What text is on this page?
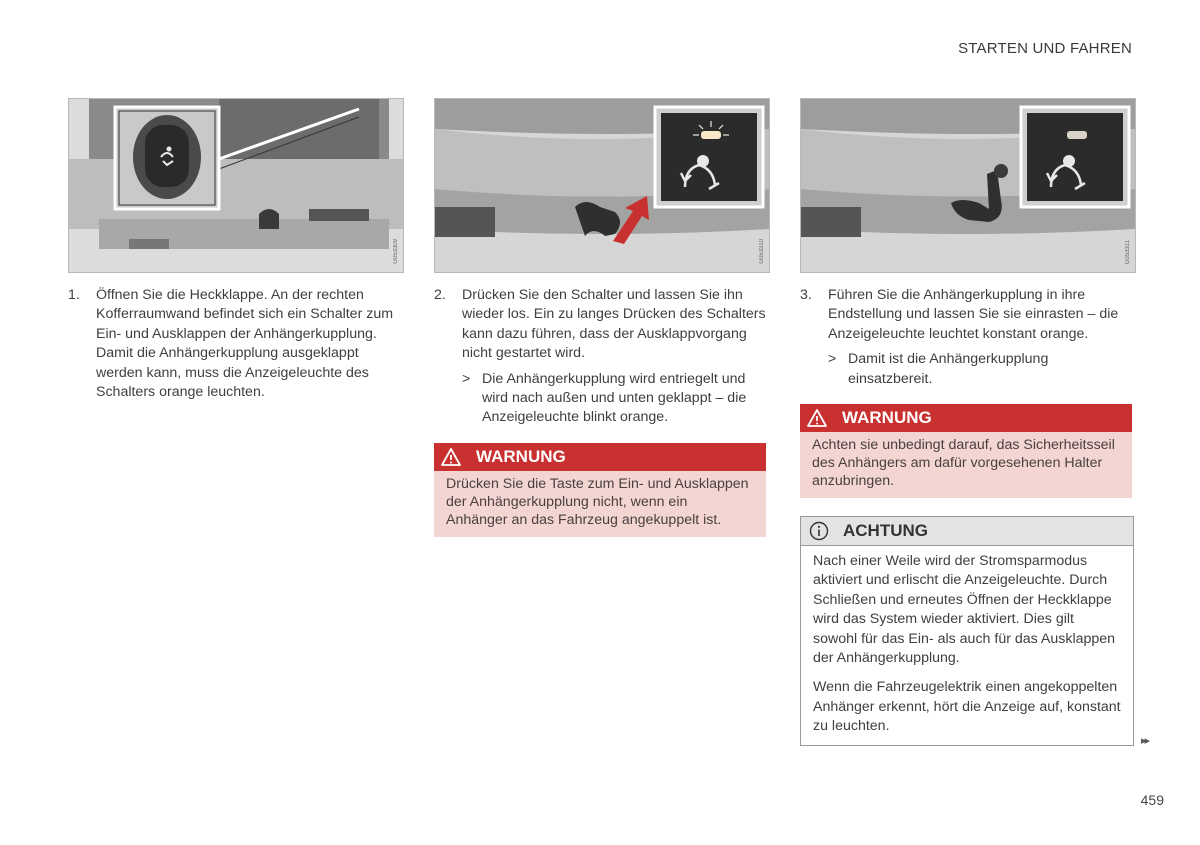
STARTEN UND FAHREN
G053309	G053310	G053311
1.	Öffnen Sie die Heckklappe. An der rechten Kofferraumwand befindet sich ein Schalter zum Ein- und Ausklappen der Anhängerkupplung. Damit die Anhängerkupplung ausgeklappt werden kann, muss die Anzeigeleuchte des Schalters orange leuchten.
2.	Drücken Sie den Schalter und lassen Sie ihn wieder los. Ein zu langes Drücken des Schalters kann dazu führen, dass der Ausklappvorgang nicht gestartet wird.
> Die Anhängerkupplung wird entriegelt und wird nach außen und unten geklappt – die Anzeigeleuchte blinkt orange.
WARNUNG
Drücken Sie die Taste zum Ein- und Ausklappen der Anhängerkupplung nicht, wenn ein Anhänger an das Fahrzeug angekuppelt ist.
3.	Führen Sie die Anhängerkupplung in ihre Endstellung und lassen Sie sie einrasten – die Anzeigeleuchte leuchtet konstant orange.
> Damit ist die Anhängerkupplung einsatzbereit.
WARNUNG
Achten sie unbedingt darauf, das Sicherheitsseil des Anhängers am dafür vorgesehenen Halter anzubringen.
ACHTUNG

Nach einer Weile wird der Stromsparmodus aktiviert und erlischt die Anzeigeleuchte. Durch Schließen und erneutes Öffnen der Heckklappe wird das System wieder aktiviert. Dies gilt sowohl für das Ein- als auch für das Ausklappen der Anhängerkupplung.

Wenn die Fahrzeugelektrik einen angekoppelten Anhänger erkennt, hört die Anzeige auf, konstant zu leuchten.

▸▸
459
